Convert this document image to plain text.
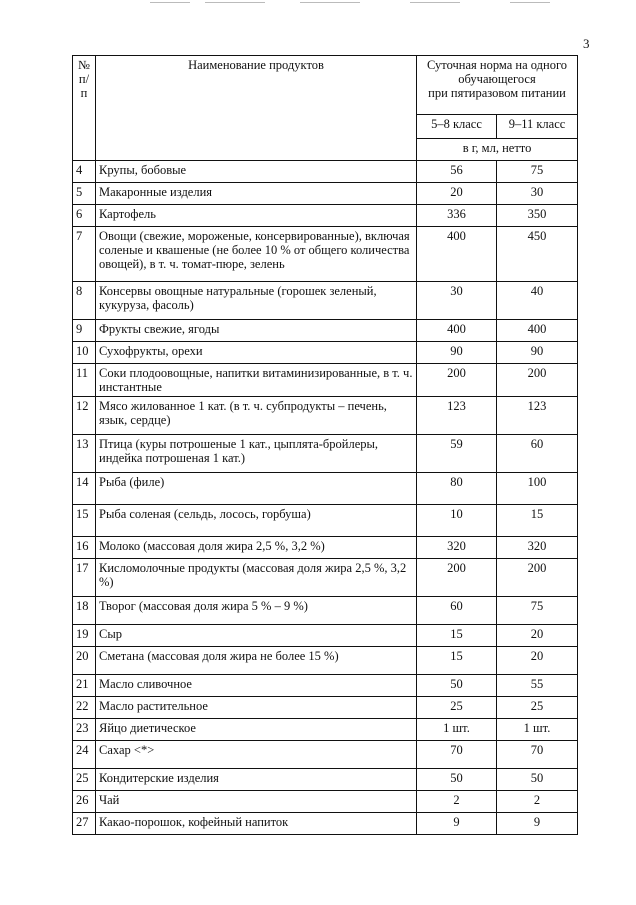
3
№
п/п	Наименование продуктов	Суточная норма на одного обучающегося
при пятиразовом питании	
		5–8 класс	9–11 класс
		в г, мл, нетто	
4	Крупы, бобовые	56	75
5	Макаронные изделия	20	30
6	Картофель	336	350
7	Овощи (свежие, мороженые, консервированные), включая соленые и квашеные (не более 10 % от общего количества овощей), в т. ч. томат-пюре, зелень	400	450
8	Консервы овощные натуральные (горошек зеленый, кукуруза, фасоль)	30	40
9	Фрукты свежие, ягоды	400	400
10	Сухофрукты, орехи	90	90
11	Соки плодоовощные, напитки витаминизированные, в т. ч. инстантные	200	200
12	Мясо жилованное 1 кат. (в т. ч. субпродукты – печень, язык, сердце)	123	123
13	Птица (куры потрошеные 1 кат., цыплята-бройлеры, индейка потрошеная 1 кат.)	59	60
14	Рыба (филе)	80	100
15	Рыба соленая (сельдь, лосось, горбуша)	10	15
16	Молоко (массовая доля жира 2,5 %, 3,2 %)	320	320
17	Кисломолочные продукты (массовая доля жира 2,5 %, 3,2 %)	200	200
18	Творог (массовая доля жира 5 % – 9 %)	60	75
19	Сыр	15	20
20	Сметана (массовая доля жира не более 15 %)	15	20
21	Масло сливочное	50	55
22	Масло растительное	25	25
23	Яйцо диетическое	1 шт.	1 шт.
24	Сахар <*>	70	70
25	Кондитерские изделия	50	50
26	Чай	2	2
27	Какао-порошок, кофейный напиток	9	9
